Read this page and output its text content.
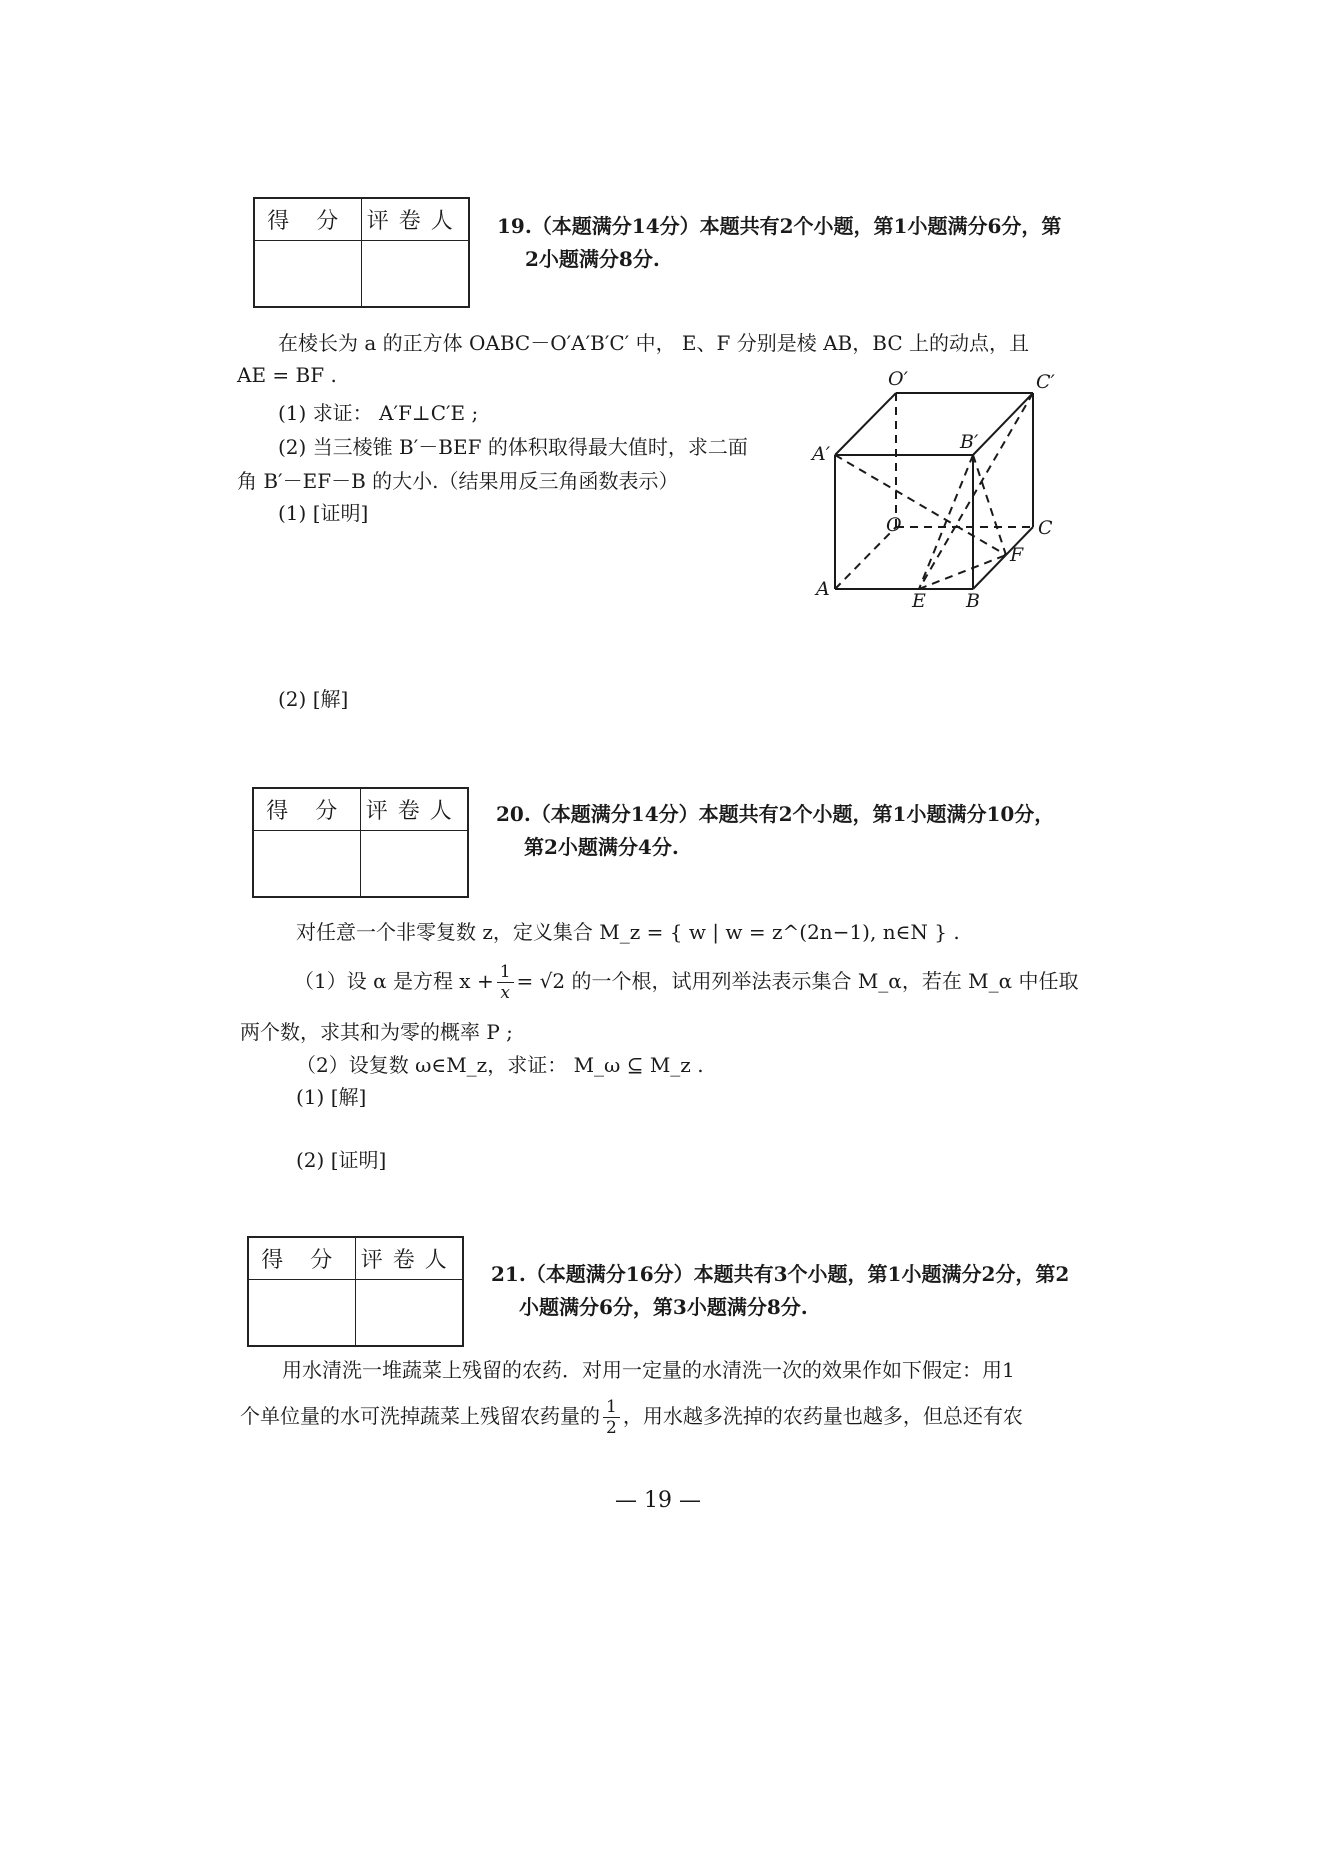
得 分 评卷人 19.（本题满分14分）本题共有2个小题，第1小题满分6分，第
2小题满分8分.
在棱长为 a 的正方体 OABC－O′A′B′C′ 中， E、F 分别是棱 AB，BC 上的动点，且
AE = BF .
(1) 求证： A′F⊥C′E ;
(2) 当三棱锥 B′－BEF 的体积取得最大值时，求二面
角 B′－EF－B 的大小.（结果用反三角函数表示）
(1) [证明]
(2) [解]
O′	C′
A′
B′
O	C
F
A
E B
得 分 评卷人 20.（本题满分14分）本题共有2个小题，第1小题满分10分，
第2小题满分4分.
对任意一个非零复数 z，定义集合 M_z = { w | w = z^(2n−1), n∈N } .
（1）设 α 是方程 $x + \frac{1}{x} = √2$ 的一个根，试用列举法表示集合 M_α，若在 M_α 中任取
两个数，求其和为零的概率 P ;
（2）设复数 ω∈M_z，求证： M_ω ⊆ M_z .
(1) [解]
(2) [证明]
得 分 评卷人
21.（本题满分16分）本题共有3个小题，第1小题满分2分，第2
小题满分6分，第3小题满分8分.
用水清洗一堆蔬菜上残留的农药．对用一定量的水清洗一次的效果作如下假定：用1
个单位量的水可洗掉蔬菜上残留农药量的 $\frac{1}{2}$ ，用水越多洗掉的农药量也越多，但总还有农
— 19 —
